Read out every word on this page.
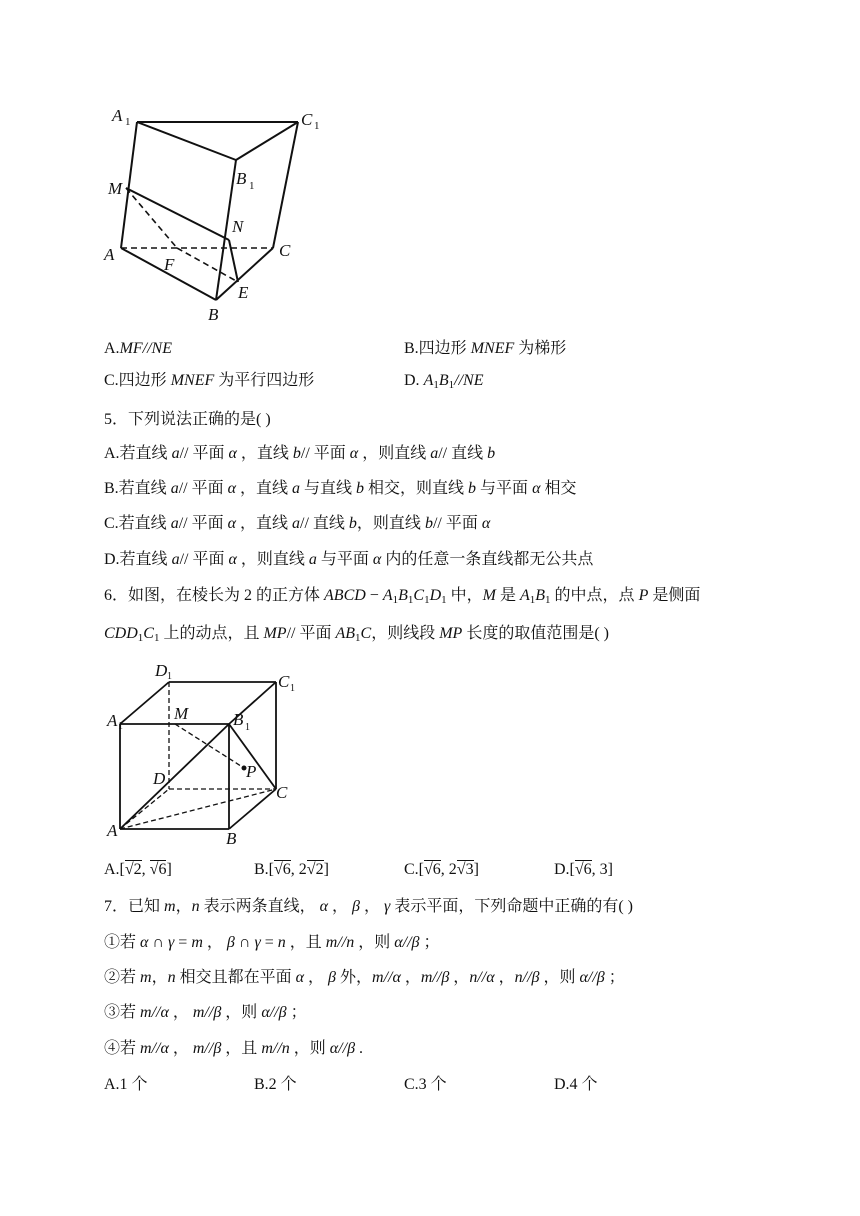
A 1	C 1
B 1
M
N
A
F
C
E
B
A.MF//NE	B.四边形 MNEF 为梯形
C.四边形 MNEF 为平行四边形	D. $A_1B_1//NE$
5．下列说法正确的是( )
A.若直线 a// 平面 α ，直线 b// 平面 α ，则直线 a// 直线 b
B.若直线 a// 平面 α ，直线 a 与直线 b 相交，则直线 b 与平面 α 相交
C.若直线 a// 平面 α ，直线 a// 直线 b，则直线 b// 平面 α
D.若直线 a// 平面 α ，则直线 a 与平面 α 内的任意一条直线都无公共点
6．如图，在棱长为 2 的正方体 ABCD − $A_1B_1C_1D_1$ 中，M 是 $A_1B_1$ 的中点，点 P 是侧面
$CDD_1C_1$ 上的动点，且 MP// 平面 $AB_1C$，则线段 MP 长度的取值范围是( )
D 1	C 1
A 1
M	B 1
P
D
C
A	B
A.[√2, √6]	B.[√6, 2√2]	C.[√6, 2√3]	D.[√6, 3]
7．已知 m，n 表示两条直线， α ， β ， γ 表示平面，下列命题中正确的有( )
①若 α ∩ γ = m ， β ∩ γ = n ，且 m//n ，则 α//β ；
②若 m，n 相交且都在平面 α ， β 外，m//α ，m//β ，n//α ，n//β ，则 α//β ；
③若 m//α ， m//β ，则 α//β ；
④若 m//α ， m//β ，且 m//n ，则 α//β .
A.1 个	B.2 个	C.3 个	D.4 个
